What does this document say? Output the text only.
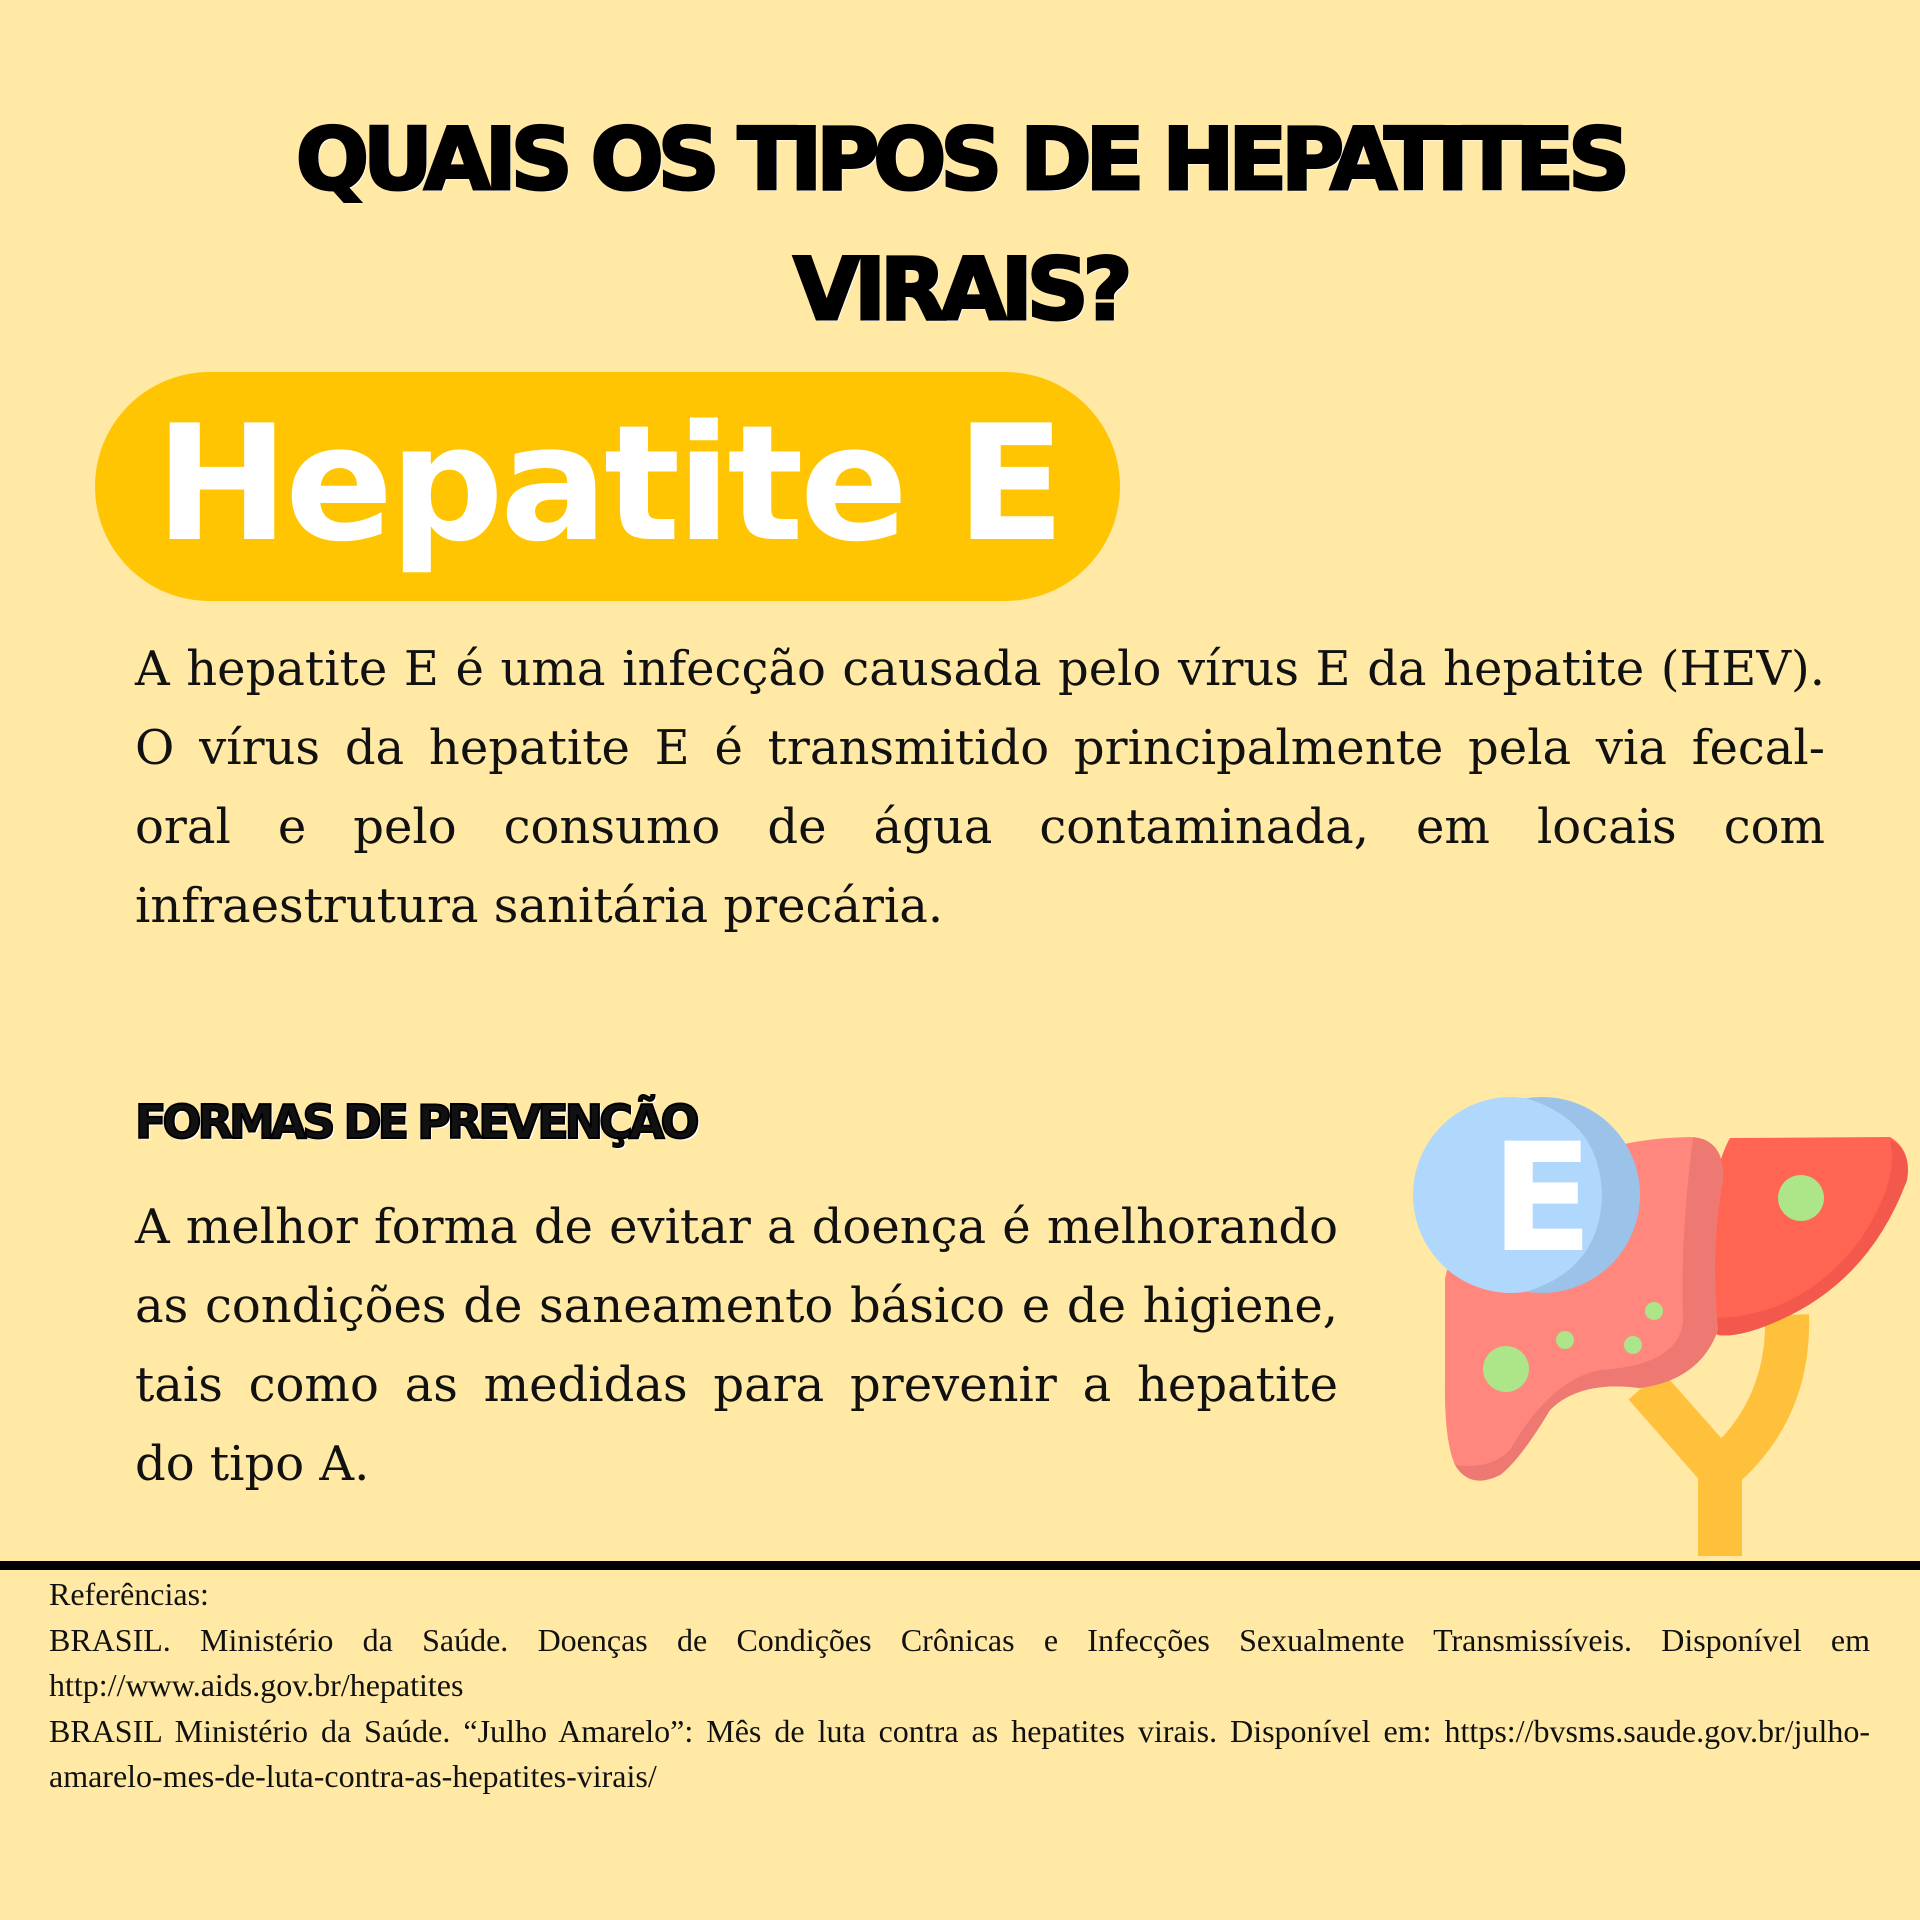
QUAIS OS TIPOS DE HEPATITES
VIRAIS?
Hepatite E
A hepatite E é uma infecção causada pelo vírus E da hepatite (HEV). O vírus da hepatite E é transmitido principalmente pela via fecal-oral e pelo consumo de água contaminada, em locais com infraestrutura sanitária precária.
FORMAS DE PREVENÇÃO
A melhor forma de evitar a doença é melhorando as condições de saneamento básico e de higiene, tais como as medidas para prevenir a hepatite do tipo A.
E
Referências:
BRASIL. Ministério da Saúde. Doenças de Condições Crônicas e Infecções Sexualmente Transmissíveis. Disponível em http://www.aids.gov.br/hepatites
BRASIL Ministério da Saúde. “Julho Amarelo”: Mês de luta contra as hepatites virais. Disponível em: https://bvsms.saude.gov.br/julho-amarelo-mes-de-luta-contra-as-hepatites-virais/
